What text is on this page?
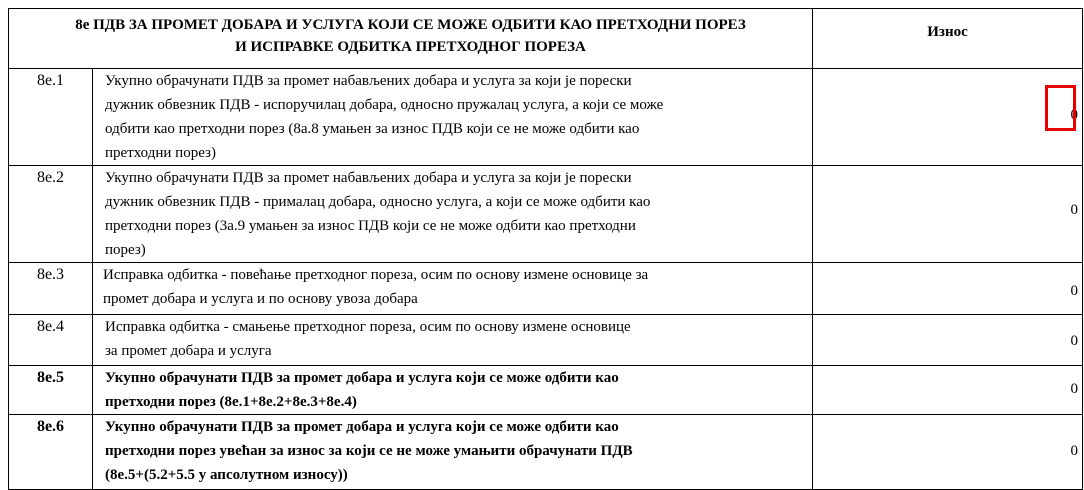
8е ПДВ ЗА ПРОМЕТ ДОБАРА И УСЛУГА КОЈИ СЕ МОЖЕ ОДБИТИ КАО ПРЕТХОДНИ ПОРЕЗ
И ИСПРАВКЕ ОДБИТКА ПРЕТХОДНОГ ПОРЕЗА		Износ
8е.1	Укупно обрачунати ПДВ за промет набављених добара и услуга за који је порески
дужник обвезник ПДВ - испоручилац добара, односно пружалац услуга, а који се може
одбити као претходни порез (8а.8 умањен за износ ПДВ који се не може одбити као
претходни порез)	0

8е.2	Укупно обрачунати ПДВ за промет набављених добара и услуга за који је порески
дужник обвезник ПДВ - прималац добара, односно услуга, а који се може одбити као
претходни порез (3а.9 умањен за износ ПДВ који се не може одбити као претходни
порез)	0

8е.3	Исправка одбитка - повећање претходног пореза, осим по основу измене основице за
промет добара и услуга и по основу увоза добара	0

8е.4	Исправка одбитка - смањење претходног пореза, осим по основу измене основице
за промет добара и услуга	0

8е.5	Укупно обрачунати ПДВ за промет добара и услуга који се може одбити као
претходни порез (8е.1+8е.2+8е.3+8е.4)	0

8е.6	Укупно обрачунати ПДВ за промет добара и услуга који се може одбити као
претходни порез увећан за износ за који се не може умањити обрачунати ПДВ
(8е.5+(5.2+5.5 у апсолутном износу))	0
